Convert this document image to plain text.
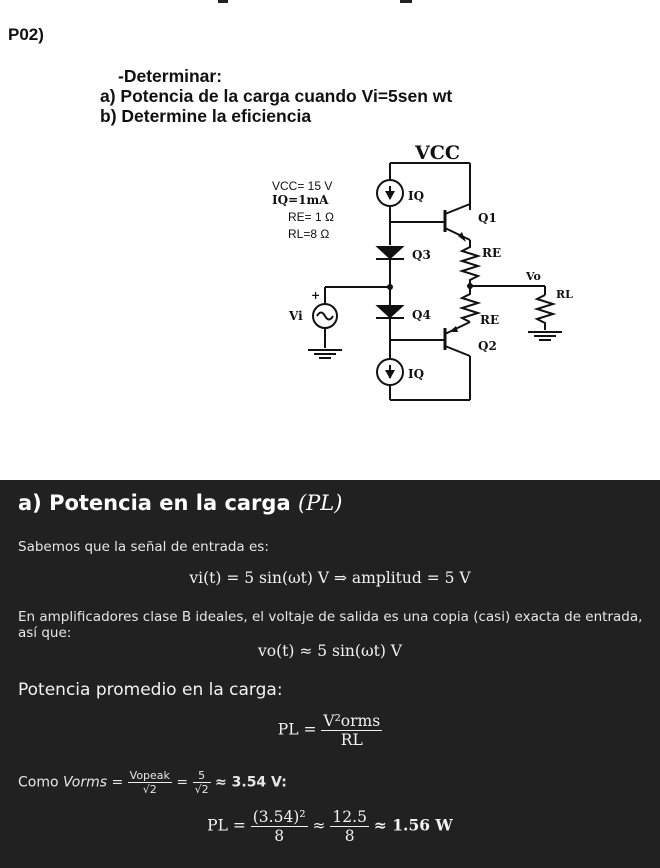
P02)
-Determinar:
a) Potencia de la carga cuando Vi=5sen wt
b) Determine la eficiencia
VCC
VCC= 15 V
IQ=1mA
RE= 1 Ω
RL=8 Ω
IQ
Q1
Q3	RE
Vo
RL
+
Vi	Q4	RE
Q2
IQ
a) Potencia en la carga (PL)
Sabemos que la señal de entrada es:
vi(t) = 5 sin(ωt) V ⇒ amplitud = 5 V
En amplificadores clase B ideales, el voltaje de salida es una copia (casi) exacta de entrada, así que:
vo(t) ≈ 5 sin(ωt) V
Potencia promedio en la carga:
PL = $\frac{\text{V²orms}}{RL}$
Como Vorms = $\frac{\text{Vopeak}}{√2} = \frac{5}{√2} \approx 3.54$ V:
PL = $\frac{\text{(3.54)²}}{8} \approx \frac{12.5}{8} \approx 1.56$ W
